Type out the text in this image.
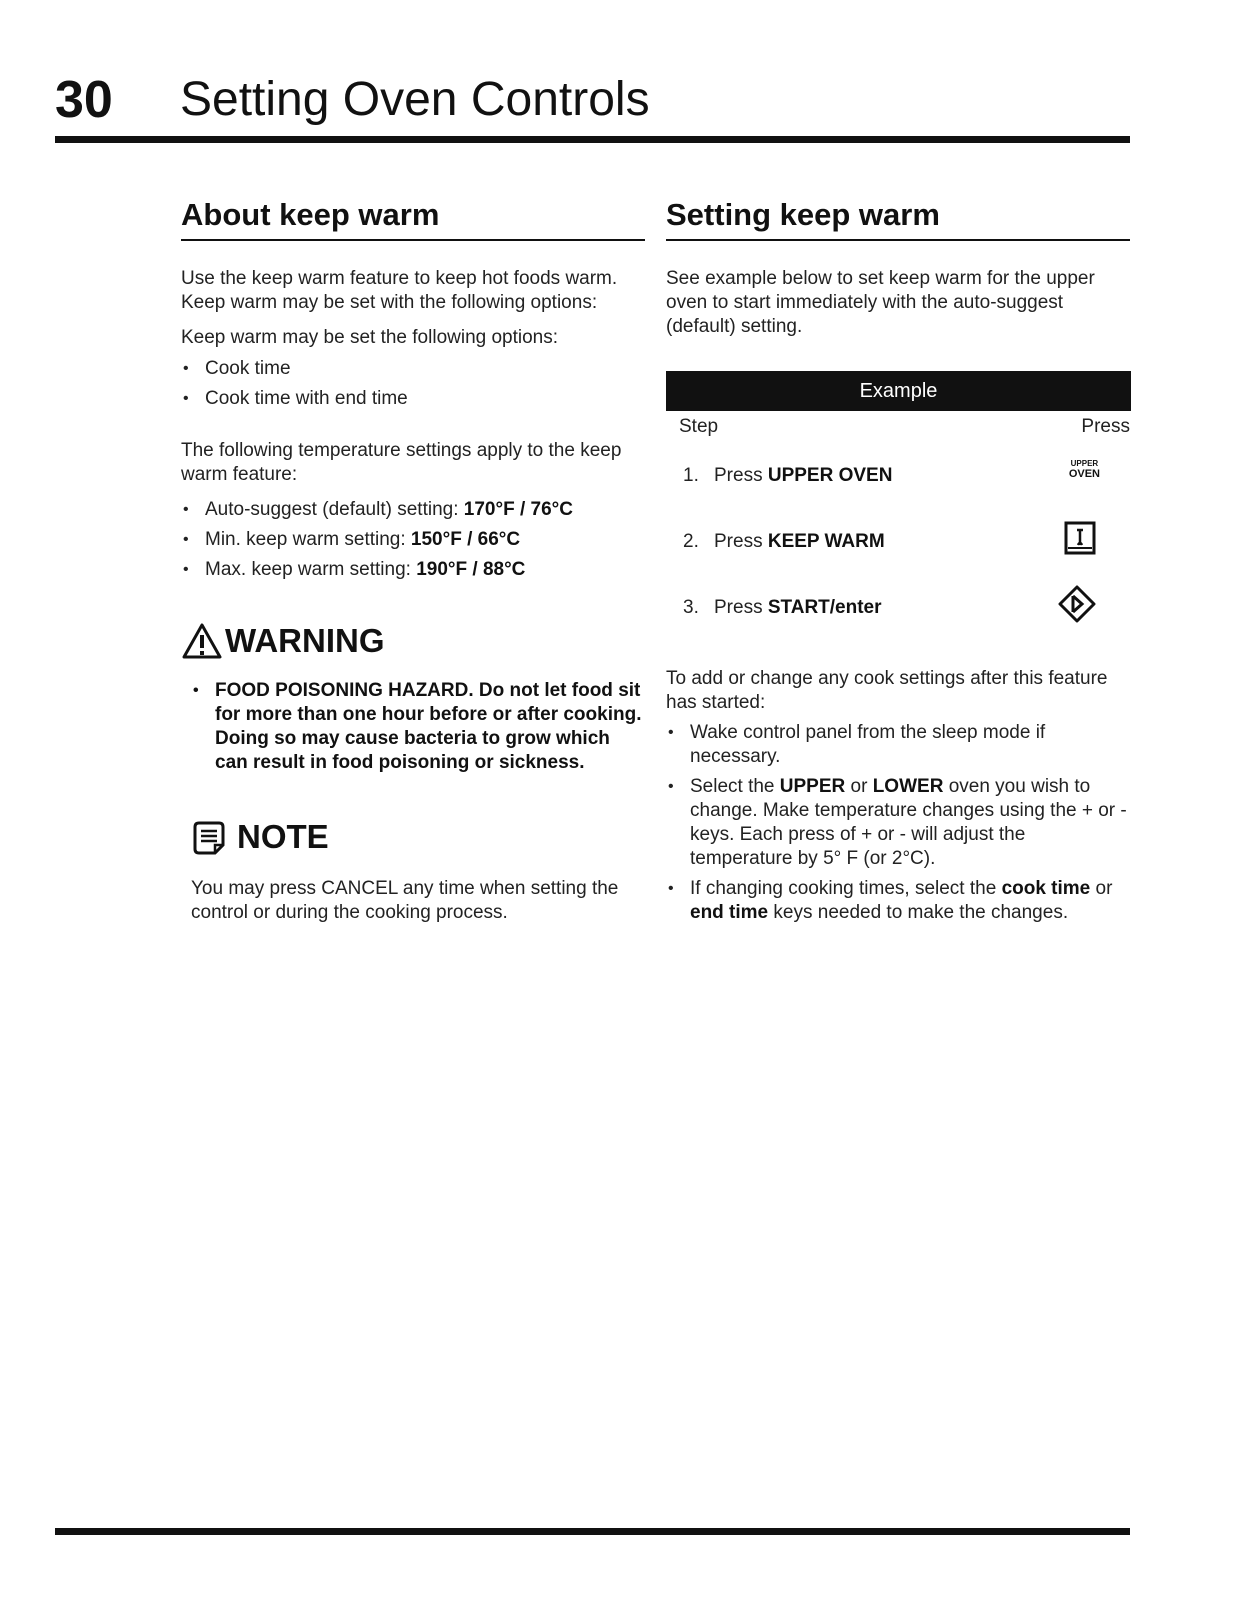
30 Setting Oven Controls
About keep warm

Use the keep warm feature to keep hot foods warm. Keep warm may be set with the following options:

Keep warm may be set the following options:

• Cook time
• Cook time with end time

The following temperature settings apply to the keep warm feature:

• Auto-suggest (default) setting: 170°F / 76°C
• Min. keep warm setting: 150°F / 66°C
• Max. keep warm setting: 190°F / 88°C
WARNING
• FOOD POISONING HAZARD. Do not let food sit for more than one hour before or after cooking. Doing so may cause bacteria to grow which can result in food poisoning or sickness.
NOTE

You may press CANCEL any time when setting the control or during the cooking process.

Setting keep warm

See example below to set keep warm for the upper oven to start immediately with the auto-suggest (default) setting.

Example
Step	Press
1. Press UPPER OVEN
UPPER
OVEN
2. Press KEEP WARM
3. Press START/enter

To add or change any cook settings after this feature has started:

• Wake control panel from the sleep mode if necessary.
• Select the UPPER or LOWER oven you wish to change. Make temperature changes using the + or - keys. Each press of + or - will adjust the temperature by 5° F (or 2°C).
• If changing cooking times, select the cook time or end time keys needed to make the changes.
